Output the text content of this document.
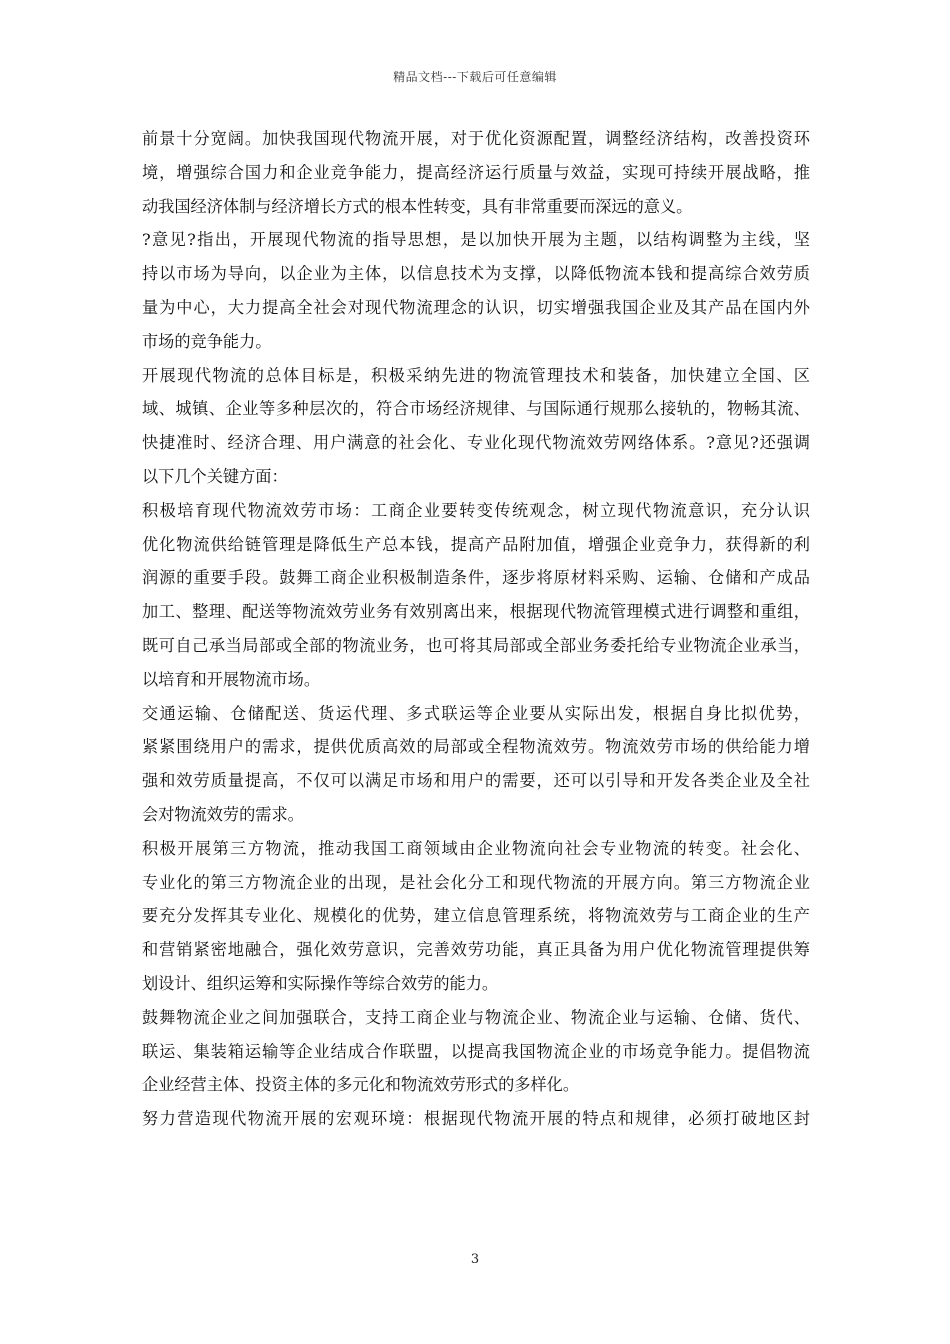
精品文档---下载后可任意编辑

前景十分宽阔。加快我国现代物流开展，对于优化资源配置，调整经济结构，改善投资环
境，增强综合国力和企业竞争能力，提高经济运行质量与效益，实现可持续开展战略，推
动我国经济体制与经济增长方式的根本性转变，具有非常重要而深远的意义。

?意见?指出，开展现代物流的指导思想，是以加快开展为主题，以结构调整为主线，坚
持以市场为导向，以企业为主体，以信息技术为支撑，以降低物流本钱和提高综合效劳质
量为中心，大力提高全社会对现代物流理念的认识，切实增强我国企业及其产品在国内外
市场的竞争能力。

开展现代物流的总体目标是，积极采纳先进的物流管理技术和装备，加快建立全国、区
域、城镇、企业等多种层次的，符合市场经济规律、与国际通行规那么接轨的，物畅其流、
快捷准时、经济合理、用户满意的社会化、专业化现代物流效劳网络体系。?意见?还强调
以下几个关键方面：

积极培育现代物流效劳市场：工商企业要转变传统观念，树立现代物流意识，充分认识
优化物流供给链管理是降低生产总本钱，提高产品附加值，增强企业竞争力，获得新的利
润源的重要手段。鼓舞工商企业积极制造条件，逐步将原材料采购、运输、仓储和产成品
加工、整理、配送等物流效劳业务有效别离出来，根据现代物流管理模式进行调整和重组，
既可自己承当局部或全部的物流业务，也可将其局部或全部业务委托给专业物流企业承当，
以培育和开展物流市场。

交通运输、仓储配送、货运代理、多式联运等企业要从实际出发，根据自身比拟优势，
紧紧围绕用户的需求，提供优质高效的局部或全程物流效劳。物流效劳市场的供给能力增
强和效劳质量提高，不仅可以满足市场和用户的需要，还可以引导和开发各类企业及全社
会对物流效劳的需求。

积极开展第三方物流，推动我国工商领域由企业物流向社会专业物流的转变。社会化、
专业化的第三方物流企业的出现，是社会化分工和现代物流的开展方向。第三方物流企业
要充分发挥其专业化、规模化的优势，建立信息管理系统，将物流效劳与工商企业的生产
和营销紧密地融合，强化效劳意识，完善效劳功能，真正具备为用户优化物流管理提供筹
划设计、组织运筹和实际操作等综合效劳的能力。

鼓舞物流企业之间加强联合，支持工商企业与物流企业、物流企业与运输、仓储、货代、
联运、集装箱运输等企业结成合作联盟，以提高我国物流企业的市场竞争能力。提倡物流
企业经营主体、投资主体的多元化和物流效劳形式的多样化。

努力营造现代物流开展的宏观环境：根据现代物流开展的特点和规律，必须打破地区封

3
